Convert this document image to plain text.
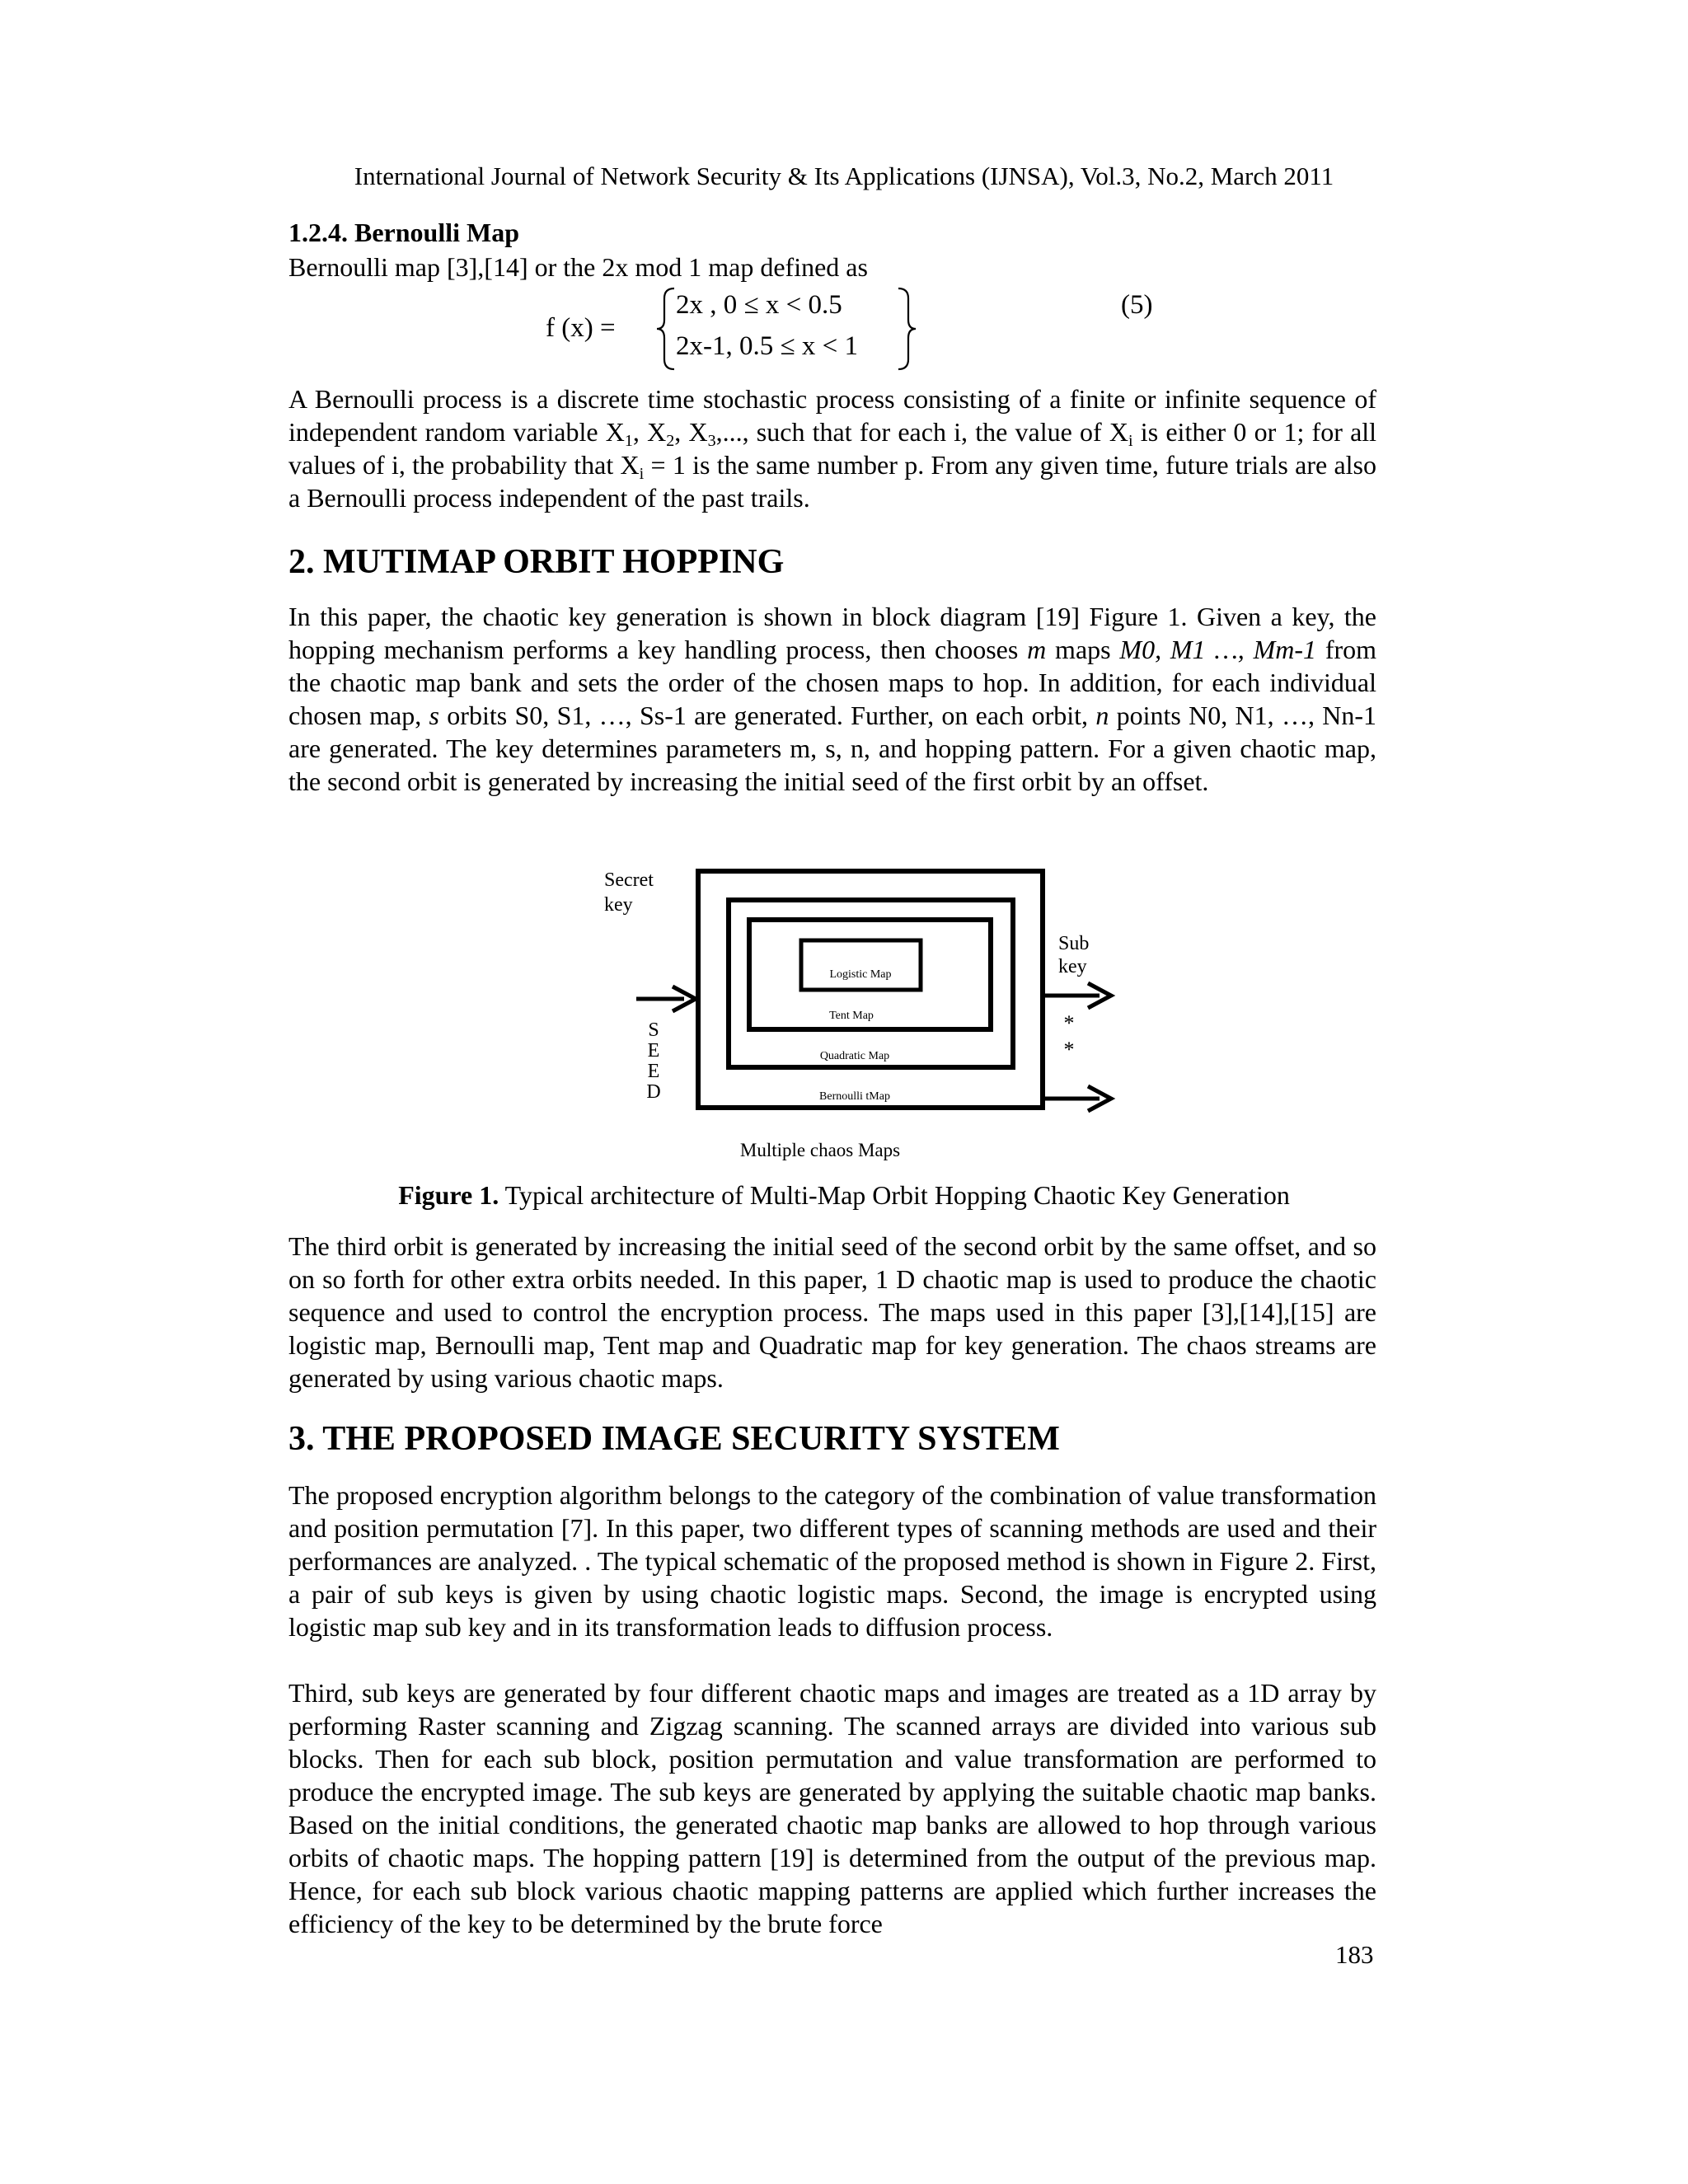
International Journal of Network Security & Its Applications (IJNSA), Vol.3, No.2, March 2011
1.2.4. Bernoulli Map
Bernoulli map [3],[14] or the 2x mod 1 map defined as
f (x) =
2x , 0 ≤ x < 0.5
2x-1, 0.5 ≤ x < 1
(5)

A Bernoulli process is a discrete time stochastic process consisting of a finite or infinite sequence of independent random variable $X_1$, $X_2$, $X_3$,..., such that for each i, the value of $X_i$ is either 0 or 1; for all values of i, the probability that $X_i = 1$ is the same number p. From any given time, future trials are also a Bernoulli process independent of the past trails.

2. MUTIMAP ORBIT HOPPING

In this paper, the chaotic key generation is shown in block diagram [19] Figure 1. Given a key, the hopping mechanism performs a key handling process, then chooses m maps M0, M1 …, Mm-1 from the chaotic map bank and sets the order of the chosen maps to hop. In addition, for each individual chosen map, s orbits S0, S1, …, Ss-1 are generated. Further, on each orbit, n points N0, N1, …, Nn-1 are generated. The key determines parameters m, s, n, and hopping pattern. For a given chaotic map, the second orbit is generated by increasing the initial seed of the first orbit by an offset.

Logistic Map
Tent Map
Quadratic Map
Bernoulli tMap
Secret
key
S
E
E
D
Sub
key
*
*
Multiple chaos Maps
Figure 1. Typical architecture of Multi-Map Orbit Hopping Chaotic Key Generation

The third orbit is generated by increasing the initial seed of the second orbit by the same offset, and so on so forth for other extra orbits needed. In this paper, 1 D chaotic map is used to produce the chaotic sequence and used to control the encryption process. The maps used in this paper [3],[14],[15] are logistic map, Bernoulli map, Tent map and Quadratic map for key generation. The chaos streams are generated by using various chaotic maps.

3. THE PROPOSED IMAGE SECURITY SYSTEM

The proposed encryption algorithm belongs to the category of the combination of value transformation and position permutation [7]. In this paper, two different types of scanning methods are used and their performances are analyzed. . The typical schematic of the proposed method is shown in Figure 2. First, a pair of sub keys is given by using chaotic logistic maps. Second, the image is encrypted using logistic map sub key and in its transformation leads to diffusion process.

Third, sub keys are generated by four different chaotic maps and images are treated as a 1D array by performing Raster scanning and Zigzag scanning. The scanned arrays are divided into various sub blocks. Then for each sub block, position permutation and value transformation are performed to produce the encrypted image. The sub keys are generated by applying the suitable chaotic map banks. Based on the initial conditions, the generated chaotic map banks are allowed to hop through various orbits of chaotic maps. The hopping pattern [19] is determined from the output of the previous map. Hence, for each sub block various chaotic mapping patterns are applied which further increases the efficiency of the key to be determined by the brute force

183
